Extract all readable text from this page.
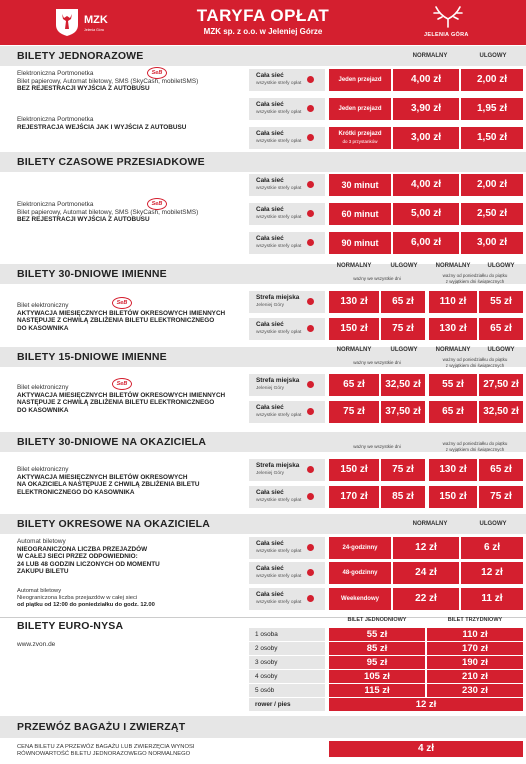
MZK
Jelenia Góra
TARYFA OPŁAT
MZK sp. z o.o. w Jeleniej Górze	JELENIA GÓRA
BILETY JEDNORAZOWE	NORMALNY	ULGOWY
Elektroniczna Portmonetka
Bilet papierowy, Automat biletowy, SMS (SkyCash, mobiletSMS)
BEZ REJESTRACJI WYJŚCIA Z AUTOBUSU
SeB
Elektroniczna Portmonetka
REJESTRACJA WEJŚCIA JAK I WYJŚCIA Z AUTOBUSU
BILETY CZASOWE PRZESIADKOWE
Elektroniczna Portmonetka
Bilet papierowy, Automat biletowy, SMS (SkyCash, mobiletSMS)
BEZ REJESTRACJI WYJŚCIA Z AUTOBUSU
SeB
BILETY 30-DNIOWE IMIENNE
Bilet elektroniczny
AKTYWACJA MIESIĘCZNYCH BILETÓW OKRESOWYCH IMIENNYCH
NASTĘPUJE Z CHWILĄ ZBLIŻENIA BILETU ELEKTRONICZNEGO
DO KASOWNIKA
SeB
BILETY 15-DNIOWE IMIENNE
Bilet elektroniczny
AKTYWACJA MIESIĘCZNYCH BILETÓW OKRESOWYCH IMIENNYCH
NASTĘPUJE Z CHWILĄ ZBLIŻENIA BILETU ELEKTRONICZNEGO
DO KASOWNIKA
SeB
BILETY 30-DNIOWE NA OKAZICIELA
Bilet elektroniczny
AKTYWACJA MIESIĘCZNYCH BILETÓW OKRESOWYCH
NA OKAZICIELA NASTĘPUJE Z CHWILĄ ZBLIŻENIA BILETU
ELEKTRONICZNEGO DO KASOWNIKA
BILETY OKRESOWE NA OKAZICIELA	NORMALNY	ULGOWY
Automat biletowy
NIEOGRANICZONA LICZBA PRZEJAZDÓW
W CAŁEJ SIECI PRZEZ ODPOWIEDNIO:
24 LUB 48 GODZIN LICZONYCH OD MOMENTU
ZAKUPU BILETU
Automat biletowy
Nieograniczona liczba przejazdów w całej sieci
od piątku od 12:00 do poniedziałku do godz. 12.00
BILETY EURO-NYSA
www.zvon.de
BILET JEDNODNIOWY	BILET TRZYDNIOWY
PRZEWÓZ BAGAŻU I ZWIERZĄT
CENA BILETU ZA PRZEWÓZ BAGAŻU LUB ZWIERZĘCIA WYNOSI
RÓWNOWARTOŚĆ BILETU JEDNORAZOWEGO NORMALNEGO	4 zł
Cała sieć
wszystkie strefy opłat
Jeden przejazd	4,00 zł	2,00 zł
Cała sieć
wszystkie strefy opłat
Jeden przejazd	3,90 zł	1,95 zł
Cała sieć
wszystkie strefy opłat
Krótki przejazd
do 3 przystanków	3,00 zł	1,50 zł
Cała sieć
wszystkie strefy opłat	30 minut	4,00 zł	2,00 zł
Cała sieć
wszystkie strefy opłat	60 minut	5,00 zł	2,50 zł
Cała sieć
wszystkie strefy opłat	90 minut	6,00 zł	3,00 zł
NORMALNY	ULGOWY	NORMALNY	ULGOWY
ważny we wszystkie dni
ważny od poniedziałku do piątku
z wyjątkiem dni świątecznych
Strefa miejska
Jeleniej Góry	130 zł	65 zł	110 zł	55 zł
Cała sieć
wszystkie strefy opłat	150 zł	75 zł	130 zł	65 zł
NORMALNY	ULGOWY	NORMALNY	ULGOWY
ważny we wszystkie dni
ważny od poniedziałku do piątku
z wyjątkiem dni świątecznych
Strefa miejska
Jeleniej Góry	65 zł	32,50 zł	55 zł	27,50 zł
Cała sieć
wszystkie strefy opłat	75 zł	37,50 zł	65 zł	32,50 zł
ważny we wszystkie dni
ważny od poniedziałku do piątku
z wyjątkiem dni świątecznych
Strefa miejska
Jeleniej Góry	150 zł	75 zł	130 zł	65 zł
Cała sieć
wszystkie strefy opłat	170 zł	85 zł	150 zł	75 zł
Cała sieć
wszystkie strefy opłat
24-godzinny	12 zł	6 zł
Cała sieć
wszystkie strefy opłat
48-godzinny	24 zł	12 zł
Cała sieć
wszystkie strefy opłat
Weekendowy	22 zł	11 zł
1 osoba	55 zł	110 zł
2 osoby	85 zł	170 zł
3 osoby	95 zł	190 zł
4 osoby	105 zł	210 zł
5 osób	115 zł	230 zł
rower / pies	12 zł
